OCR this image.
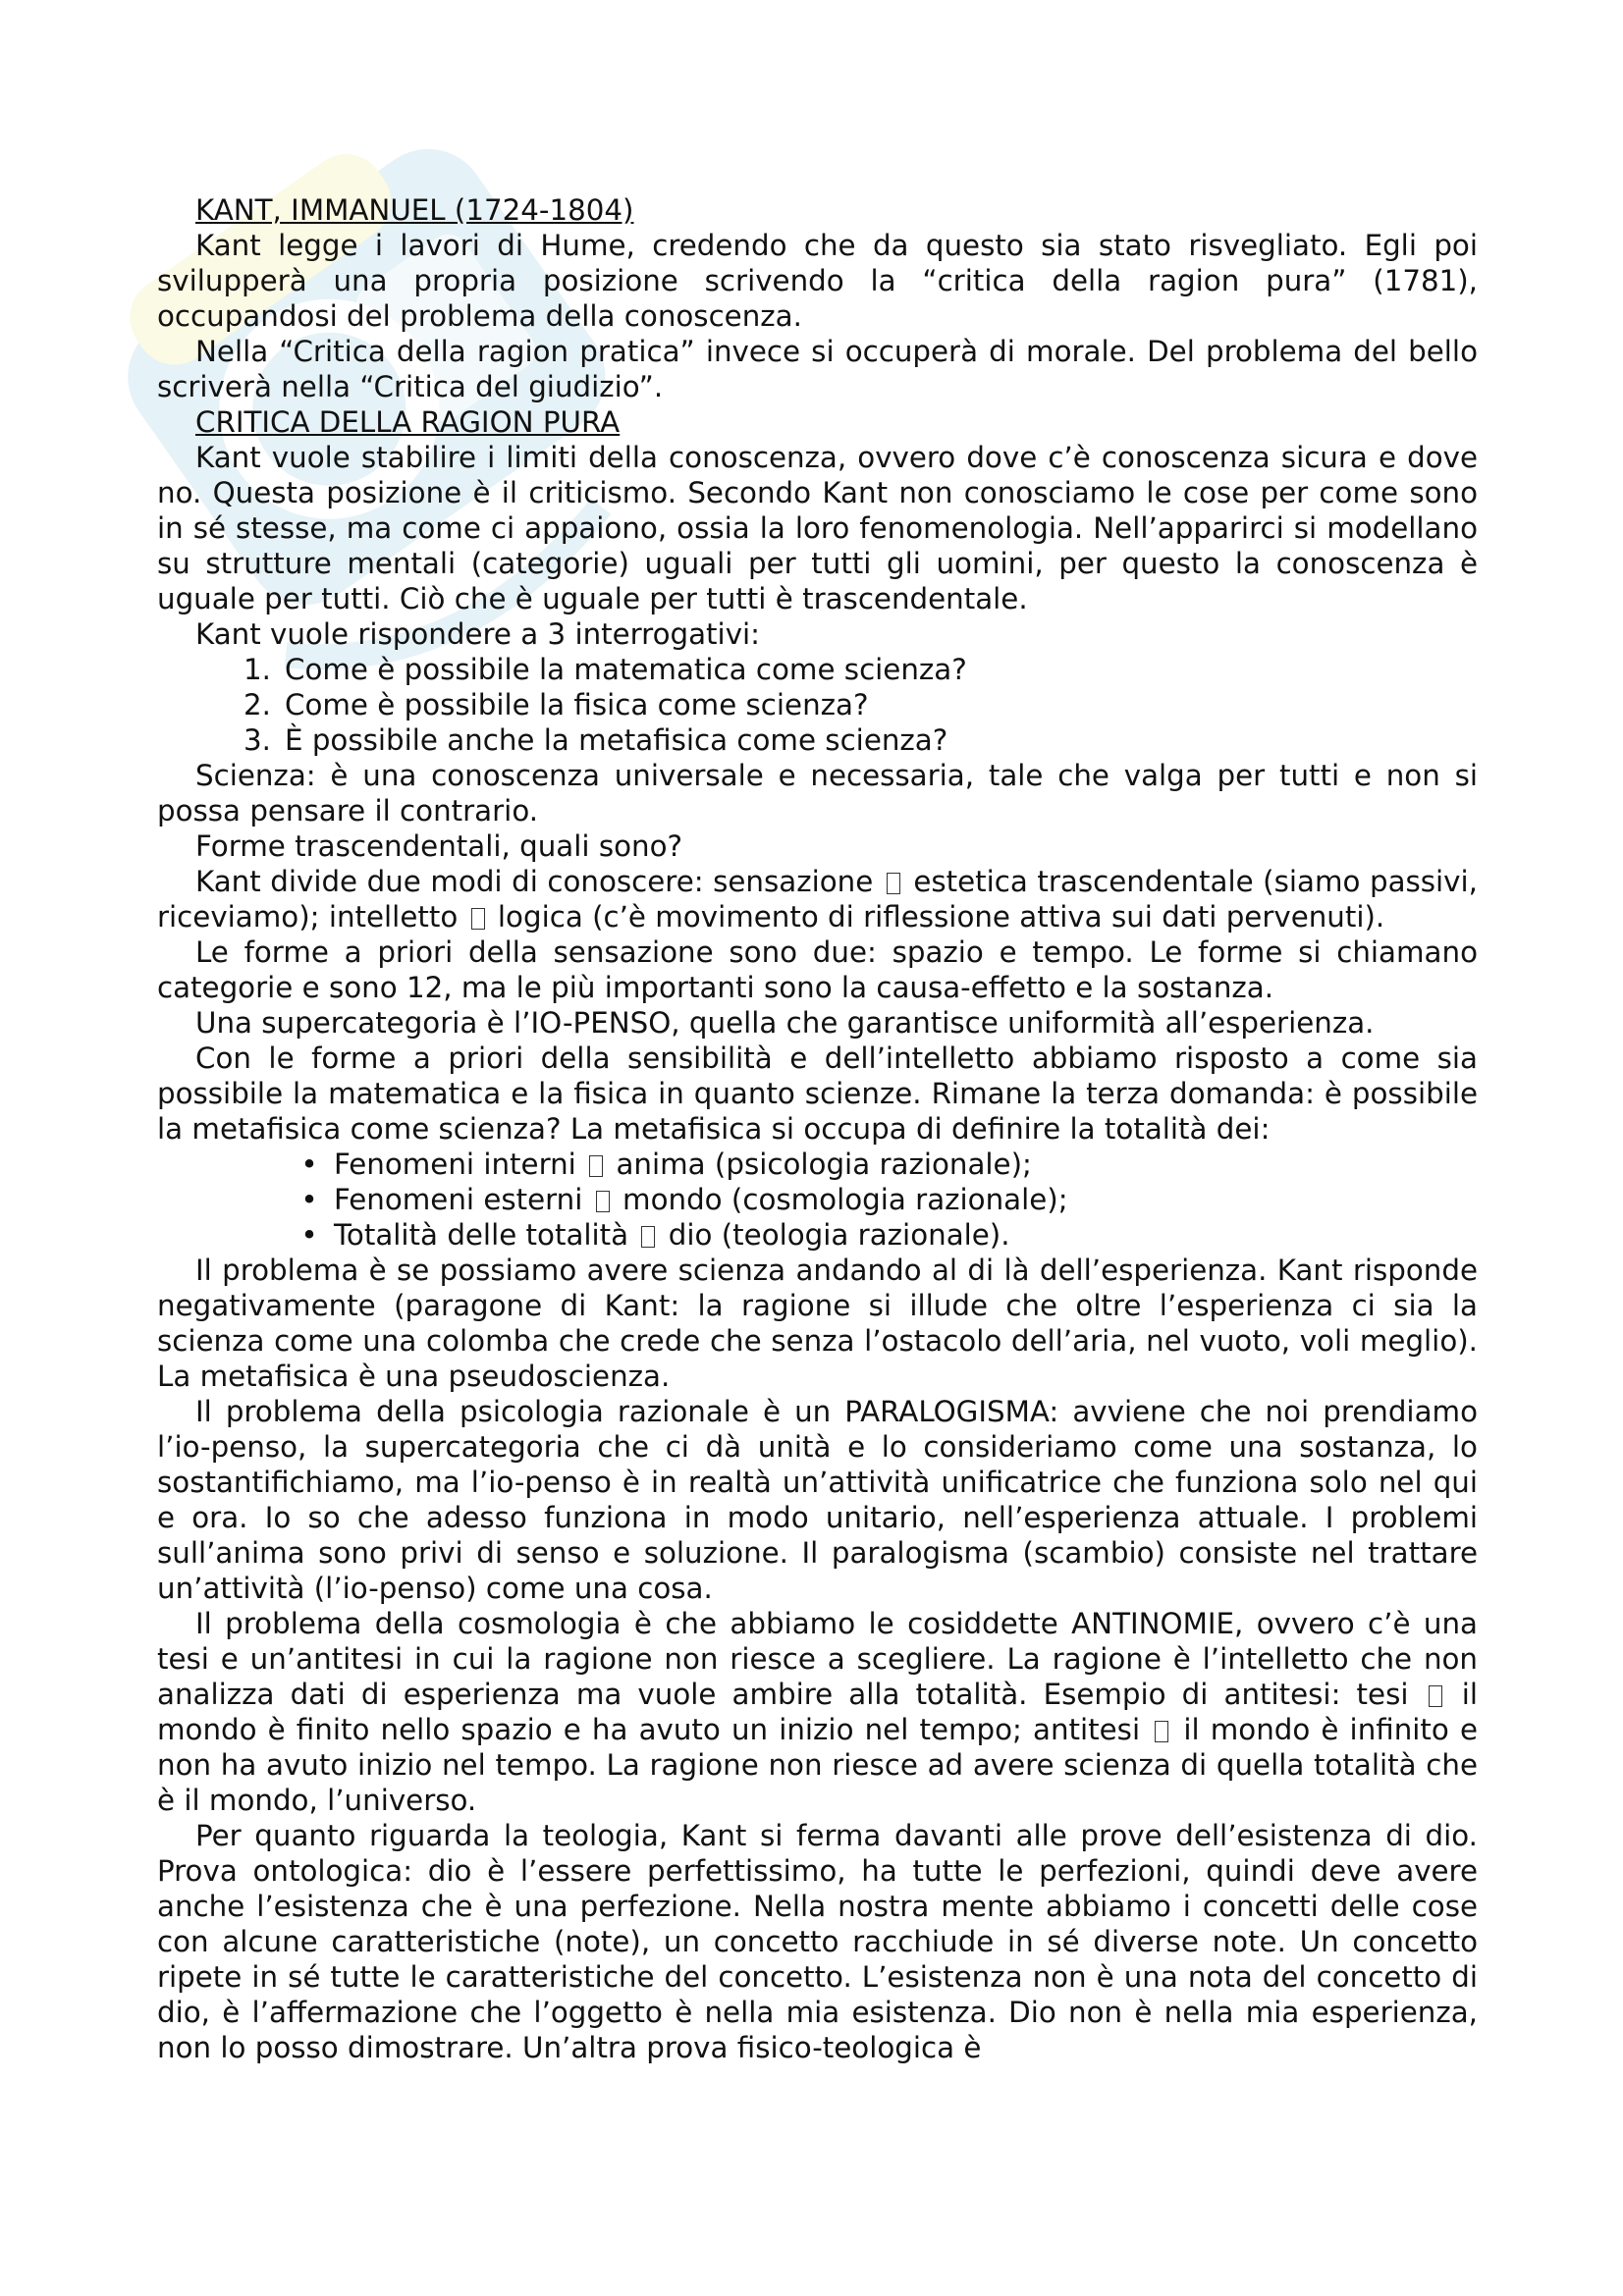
KANT, IMMANUEL (1724-1804)

Kant legge i lavori di Hume, credendo che da questo sia stato risvegliato. Egli poi svilupperà una propria posizione scrivendo la “critica della ragion pura” (1781), occupandosi del problema della conoscenza.

Nella “Critica della ragion pratica” invece si occuperà di morale. Del problema del bello scriverà nella “Critica del giudizio”.

CRITICA DELLA RAGION PURA

Kant vuole stabilire i limiti della conoscenza, ovvero dove c’è conoscenza sicura e dove no. Questa posizione è il criticismo. Secondo Kant non conosciamo le cose per come sono in sé stesse, ma come ci appaiono, ossia la loro fenomenologia. Nell’apparirci si modellano su strutture mentali (categorie) uguali per tutti gli uomini, per questo la conoscenza è uguale per tutti. Ciò che è uguale per tutti è trascendentale.

Kant vuole rispondere a 3 interrogativi:

1. Come è possibile la matematica come scienza?
2. Come è possibile la fisica come scienza?
3. È possibile anche la metafisica come scienza?

Scienza: è una conoscenza universale e necessaria, tale che valga per tutti e non si possa pensare il contrario.

Forme trascendentali, quali sono?

Kant divide due modi di conoscere: sensazione estetica trascendentale (siamo passivi, riceviamo); intelletto logica (c’è movimento di riflessione attiva sui dati pervenuti).

Le forme a priori della sensazione sono due: spazio e tempo. Le forme si chiamano categorie e sono 12, ma le più importanti sono la causa-effetto e la sostanza.

Una supercategoria è l’IO-PENSO, quella che garantisce uniformità all’esperienza.

Con le forme a priori della sensibilità e dell’intelletto abbiamo risposto a come sia possibile la matematica e la fisica in quanto scienze. Rimane la terza domanda: è possibile la metafisica come scienza? La metafisica si occupa di definire la totalità dei:

• Fenomeni interni anima (psicologia razionale);
• Fenomeni esterni mondo (cosmologia razionale);
• Totalità delle totalità dio (teologia razionale).

Il problema è se possiamo avere scienza andando al di là dell’esperienza. Kant risponde negativamente (paragone di Kant: la ragione si illude che oltre l’esperienza ci sia la scienza come una colomba che crede che senza l’ostacolo dell’aria, nel vuoto, voli meglio). La metafisica è una pseudoscienza.

Il problema della psicologia razionale è un PARALOGISMA: avviene che noi prendiamo l’io-penso, la supercategoria che ci dà unità e lo consideriamo come una sostanza, lo sostantifichiamo, ma l’io-penso è in realtà un’attività unificatrice che funziona solo nel qui e ora. Io so che adesso funziona in modo unitario, nell’esperienza attuale. I problemi sull’anima sono privi di senso e soluzione. Il paralogisma (scambio) consiste nel trattare un’attività (l’io-penso) come una cosa.

Il problema della cosmologia è che abbiamo le cosiddette ANTINOMIE, ovvero c’è una tesi e un’antitesi in cui la ragione non riesce a scegliere. La ragione è l’intelletto che non analizza dati di esperienza ma vuole ambire alla totalità. Esempio di antitesi: tesi il mondo è finito nello spazio e ha avuto un inizio nel tempo; antitesi il mondo è infinito e non ha avuto inizio nel tempo. La ragione non riesce ad avere scienza di quella totalità che è il mondo, l’universo.

Per quanto riguarda la teologia, Kant si ferma davanti alle prove dell’esistenza di dio. Prova ontologica: dio è l’essere perfettissimo, ha tutte le perfezioni, quindi deve avere anche l’esistenza che è una perfezione. Nella nostra mente abbiamo i concetti delle cose con alcune caratteristiche (note), un concetto racchiude in sé diverse note. Un concetto ripete in sé tutte le caratteristiche del concetto. L’esistenza non è una nota del concetto di dio, è l’affermazione che l’oggetto è nella mia esistenza. Dio non è nella mia esperienza, non lo posso dimostrare. Un’altra prova fisico-teologica è
